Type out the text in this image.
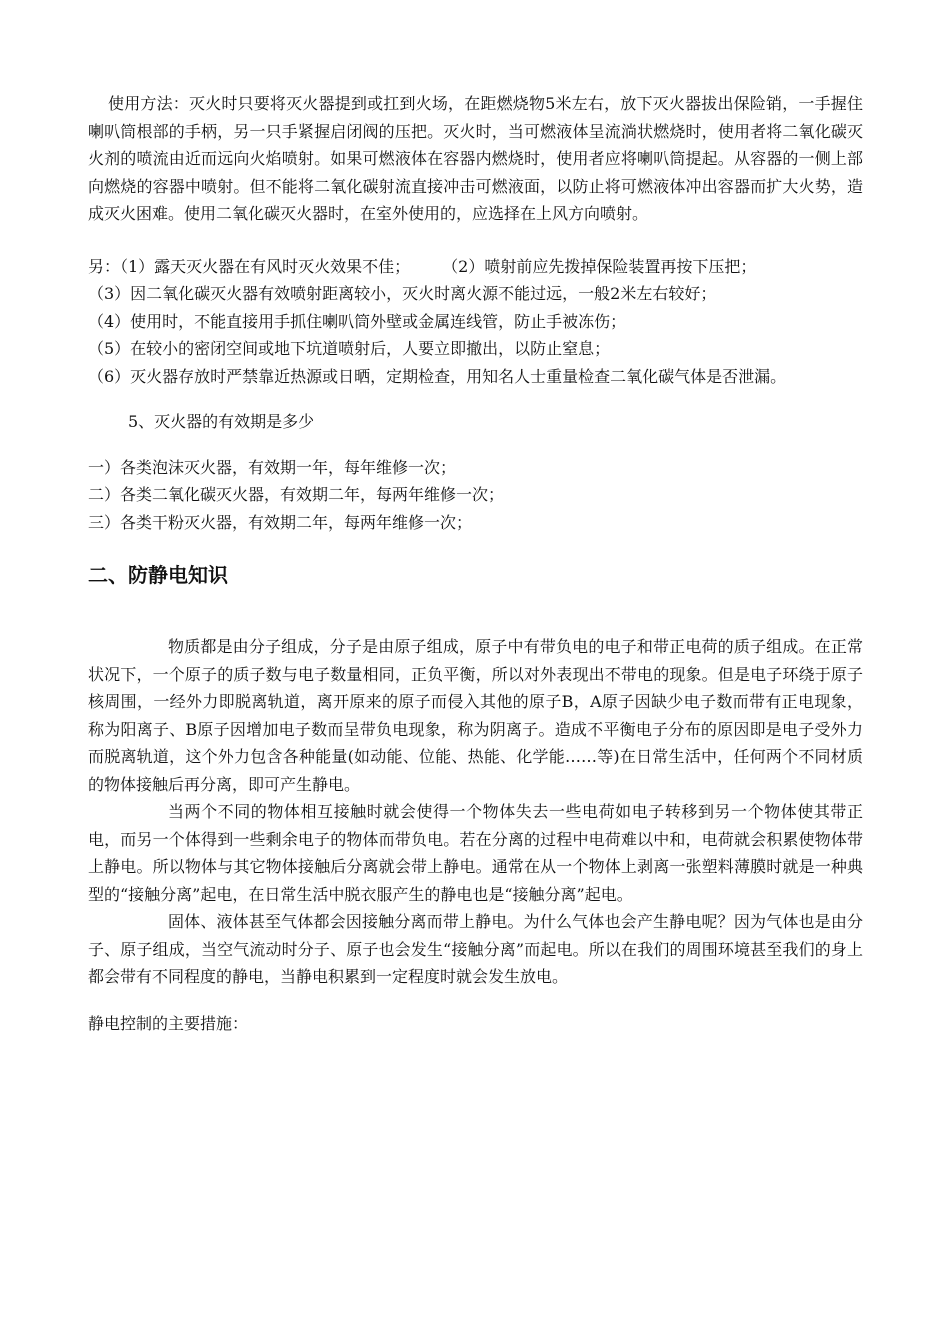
使用方法：灭火时只要将灭火器提到或扛到火场，在距燃烧物5米左右，放下灭火器拔出保险销，一手握住喇叭筒根部的手柄，另一只手紧握启闭阀的压把。灭火时，当可燃液体呈流淌状燃烧时，使用者将二氧化碳灭火剂的喷流由近而远向火焰喷射。如果可燃液体在容器内燃烧时，使用者应将喇叭筒提起。从容器的一侧上部向燃烧的容器中喷射。但不能将二氧化碳射流直接冲击可燃液面，以防止将可燃液体冲出容器而扩大火势，造成灭火困难。使用二氧化碳灭火器时，在室外使用的，应选择在上风方向喷射。

另：（1）露天灭火器在有风时灭火效果不佳；　　　（2）喷射前应先拨掉保险装置再按下压把；

（3）因二氧化碳灭火器有效喷射距离较小，灭火时离火源不能过远，一般2米左右较好；

（4）使用时，不能直接用手抓住喇叭筒外壁或金属连线管，防止手被冻伤；

（5）在较小的密闭空间或地下坑道喷射后，人要立即撤出，以防止窒息；

（6）灭火器存放时严禁靠近热源或日晒，定期检查，用知名人士重量检查二氧化碳气体是否泄漏。

5、灭火器的有效期是多少

一）各类泡沫灭火器，有效期一年，每年维修一次；

二）各类二氧化碳灭火器，有效期二年，每两年维修一次；

三）各类干粉灭火器，有效期二年，每两年维修一次；

二、防静电知识

物质都是由分子组成，分子是由原子组成，原子中有带负电的电子和带正电荷的质子组成。在正常状况下，一个原子的质子数与电子数量相同，正负平衡，所以对外表现出不带电的现象。但是电子环绕于原子核周围，一经外力即脱离轨道，离开原来的原子而侵入其他的原子B，A原子因缺少电子数而带有正电现象，称为阳离子、B原子因增加电子数而呈带负电现象，称为阴离子。造成不平衡电子分布的原因即是电子受外力而脱离轨道，这个外力包含各种能量(如动能、位能、热能、化学能……等)在日常生活中，任何两个不同材质的物体接触后再分离，即可产生静电。

当两个不同的物体相互接触时就会使得一个物体失去一些电荷如电子转移到另一个物体使其带正电，而另一个体得到一些剩余电子的物体而带负电。若在分离的过程中电荷难以中和，电荷就会积累使物体带上静电。所以物体与其它物体接触后分离就会带上静电。通常在从一个物体上剥离一张塑料薄膜时就是一种典型的“接触分离”起电，在日常生活中脱衣服产生的静电也是“接触分离”起电。

固体、液体甚至气体都会因接触分离而带上静电。为什么气体也会产生静电呢？因为气体也是由分子、原子组成，当空气流动时分子、原子也会发生“接触分离”而起电。所以在我们的周围环境甚至我们的身上都会带有不同程度的静电，当静电积累到一定程度时就会发生放电。

静电控制的主要措施：
